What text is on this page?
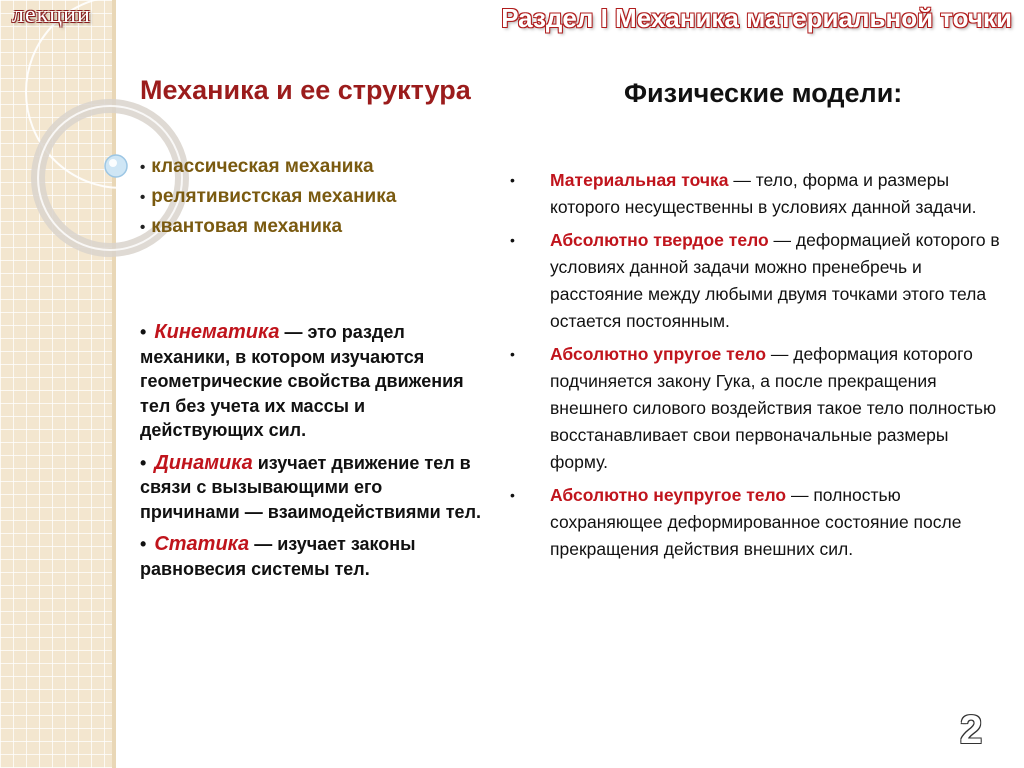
лекции	Раздел I Механика материальной точки
Механика и ее структура	Физические модели:
• классическая механика
• релятивистская механика
• квантовая механика
• Кинематика — это раздел механики, в котором изучаются геометрические свойства движения тел без учета их массы и действующих сил.
• Динамика изучает движение тел в связи с вызывающими его причинами — взаимодействиями тел.
• Статика — изучает законы равновесия системы тел.
• Материальная точка — тело, форма и размеры которого несущественны в условиях данной задачи.
• Абсолютно твердое тело — деформацией которого в условиях данной задачи можно пренебречь и расстояние между любыми двумя точками этого тела остается постоянным.
• Абсолютно упругое тело — деформация которого подчиняется закону Гука, а после прекращения внешнего силового воздействия такое тело полностью восстанавливает свои первоначальные размеры форму.
• Абсолютно неупругое тело — полностью сохраняющее деформированное состояние после прекращения действия внешних сил.
2
